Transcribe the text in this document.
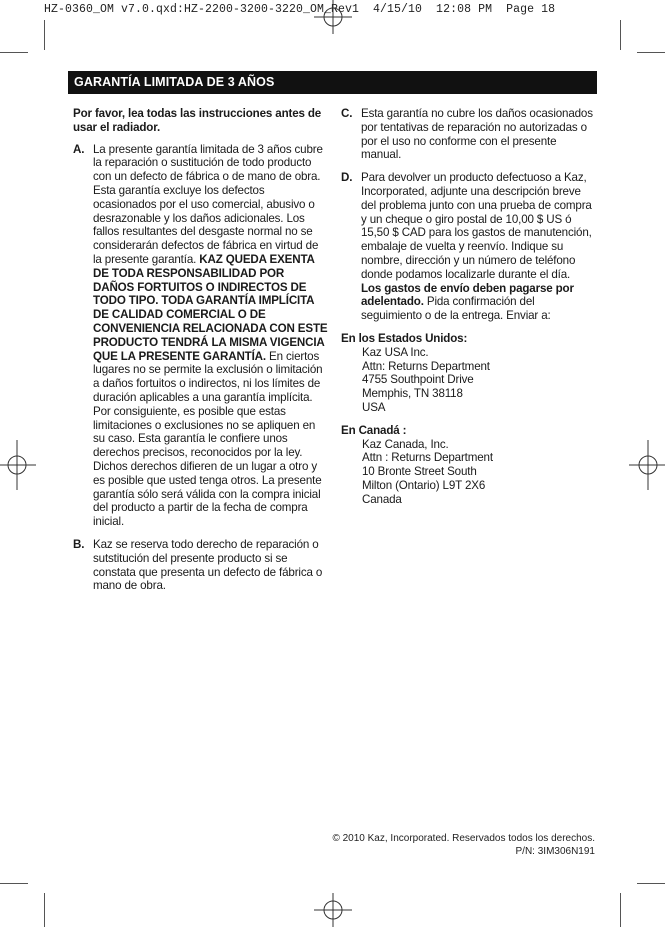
HZ-0360_OM v7.0.qxd:HZ-2200-3200-3220_OM_Rev1  4/15/10  12:08 PM  Page 18
GARANTÍA LIMITADA DE 3 AÑOS

Por favor, lea todas las instrucciones antes de usar el radiador.

A. La presente garantía limitada de 3 años cubre la reparación o sustitución de todo producto con un defecto de fábrica o de mano de obra. Esta garantía excluye los defectos ocasionados por el uso comercial, abusivo o desrazonable y los daños adicionales. Los fallos resultantes del desgaste normal no se considerarán defectos de fábrica en virtud de la presente garantía. KAZ QUEDA EXENTA DE TODA RESPONSABILIDAD POR DAÑOS FORTUITOS O INDIRECTOS DE TODO TIPO. TODA GARANTÍA IMPLÍCITA DE CALIDAD COMERCIAL O DE CONVENIENCIA RELACIONADA CON ESTE PRODUCTO TENDRÁ LA MISMA VIGENCIA QUE LA PRESENTE GARANTÍA. En ciertos lugares no se permite la exclusión o limitación a daños fortuitos o indirectos, ni los límites de duración aplicables a una garantía implícita. Por consiguiente, es posible que estas limitaciones o exclusiones no se apliquen en su caso. Esta garantía le confiere unos derechos precisos, reconocidos por la ley. Dichos derechos difieren de un lugar a otro y es posible que usted tenga otros. La presente garantía sólo será válida con la compra inicial del producto a partir de la fecha de compra inicial.

B. Kaz se reserva todo derecho de reparación o sutstitución del presente producto si se constata que presenta un defecto de fábrica o mano de obra.

C. Esta garantía no cubre los daños ocasionados por tentativas de reparación no autorizadas o por el uso no conforme con el presente manual.

D. Para devolver un producto defectuoso a Kaz, Incorporated, adjunte una descripción breve del problema junto con una prueba de compra y un cheque o giro postal de 10,00 $ US ó 15,50 $ CAD para los gastos de manutención, embalaje de vuelta y reenvío. Indique su nombre, dirección y un número de teléfono donde podamos localizarle durante el día.
Los gastos de envío deben pagarse por adelentado. Pida confirmación del seguimiento o de la entrega. Enviar a:

En los Estados Unidos:
Kaz USA Inc.
Attn: Returns Department
4755 Southpoint Drive
Memphis, TN 38118
USA
En Canadá :
Kaz Canada, Inc.
Attn : Returns Department
10 Bronte Street South
Milton (Ontario) L9T 2X6
Canada
© 2010 Kaz, Incorporated. Reservados todos los derechos.
P/N: 3IM306N191
